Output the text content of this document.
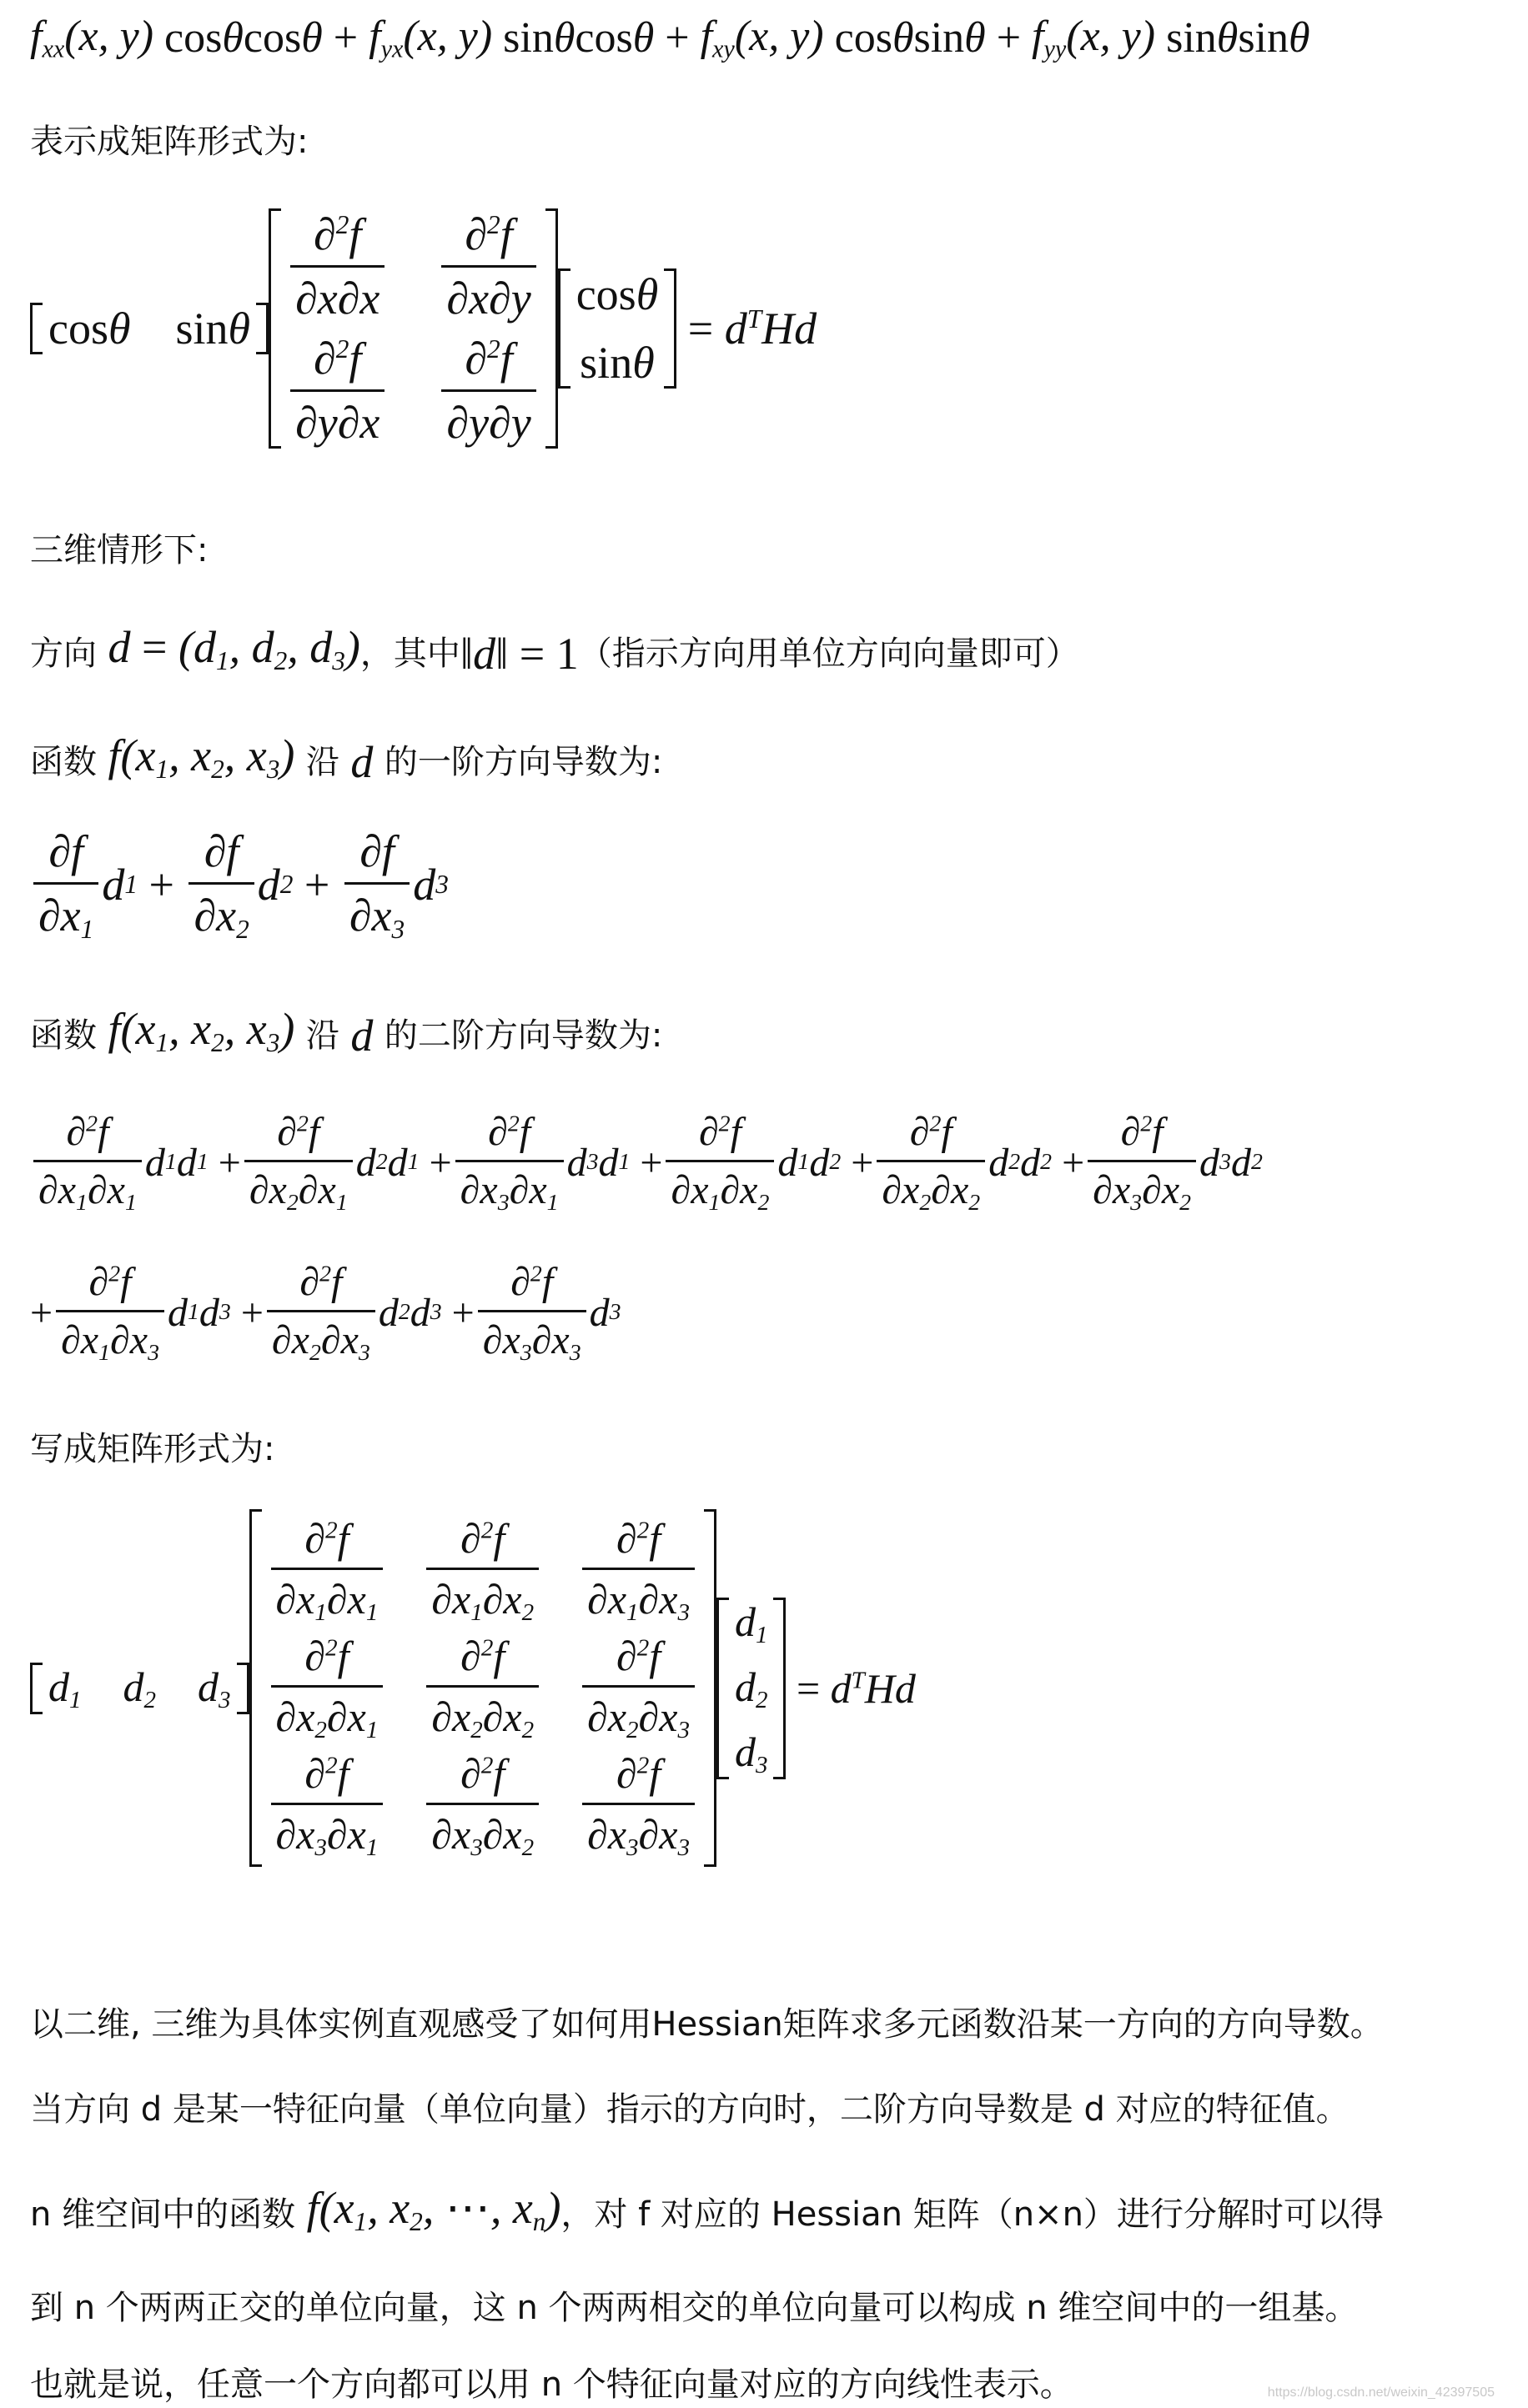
$f_{xx}(x$, y) cos θ $\cos \theta + f_{yx}(x$, y) sin θ $\cos \theta + f_{xy}(x$, y) cos θ $\sin \theta + f_{yy}(x$, y) sin θ sin θ
表示成矩阵形式为:
cosθ    sinθ
$\frac{\partial^2f}{\partial x\partial x} \frac{\partial^2f}{\partial x\partial y}$
$\frac{\partial^2f}{\partial y\partial x} \frac{\partial^2f}{\partial y\partial y}$
cosθ
sinθ
= $d^THd$
三维情形下:
方向 $d = (d_1$, $d_2$, $d_3$) ，其中 ‖d‖ = 1 （指示方向用单位方向向量即可）
函数 $f(x_1$, $x_2$, $x_3$) 沿 d 的一阶方向导数为:
$\frac{\partial f}{\partial x_1}$ d $1 + \frac{\partial f}{\partial x_2}$ d $2 + \frac{\partial f}{\partial x_3}$ d 3
函数 $f(x_1$, $x_2$, $x_3$) 沿 d 的二阶方向导数为:
$\frac{\partial^2f}{\partial x_1\partial x_1}$ d 1 d $1 + \frac{\partial^2f}{\partial x_2\partial x_1}$ d 2 d $1 + \frac{\partial^2f}{\partial x_3\partial x_1}$ d 3 d $1 + \frac{\partial^2f}{\partial x_1\partial x_2}$ d 1 d $2 + \frac{\partial^2f}{\partial x_2\partial x_2}$ d 2 d $2 + \frac{\partial^2f}{\partial x_3\partial x_2}$ d 3 d 2
+ $\frac{\partial^2f}{\partial x_1\partial x_3}$ d 1 d $3 + \frac{\partial^2f}{\partial x_2\partial x_3}$ d 2 d $3 + \frac{\partial^2f}{\partial x_3\partial x_3}$ d 3
写成矩阵形式为:
$d_1$    $d_2$    $d_3$
$\frac{\partial^2f}{\partial x_1\partial x_1} \frac{\partial^2f}{\partial x_1\partial x_2} \frac{\partial^2f}{\partial x_1\partial x_3}$
$\frac{\partial^2f}{\partial x_2\partial x_1} \frac{\partial^2f}{\partial x_2\partial x_2} \frac{\partial^2f}{\partial x_2\partial x_3}$
$\frac{\partial^2f}{\partial x_3\partial x_1} \frac{\partial^2f}{\partial x_3\partial x_2} \frac{\partial^2f}{\partial x_3\partial x_3}$
$d_1$
$d_2$
$d_3$
= $d^THd$
以二维, 三维为具体实例直观感受了如何用Hessian矩阵求多元函数沿某一方向的方向导数。
当方向 d 是某一特征向量（单位向量）指示的方向时，二阶方向导数是 d 对应的特征值。
n 维空间中的函数 $f(x_1$, $x_2$, ⋯, $x_n$) ，对 f 对应的 Hessian 矩阵（n×n）进行分解时可以得
到 n 个两两正交的单位向量，这 n 个两两相交的单位向量可以构成 n 维空间中的一组基。
也就是说，任意一个方向都可以用 n 个特征向量对应的方向线性表示。	https://blog.csdn.net/weixin_42397505
